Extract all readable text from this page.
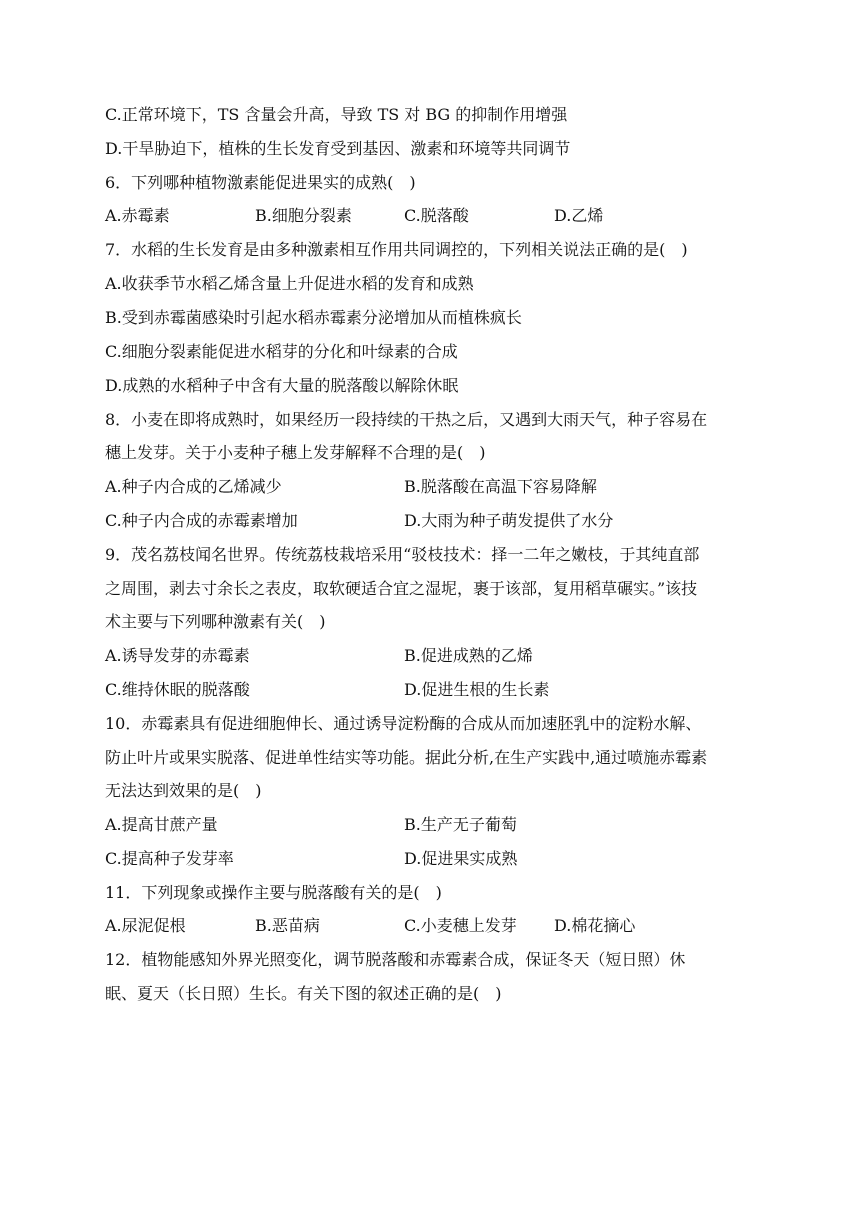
C.正常环境下，TS 含量会升高，导致 TS 对 BG 的抑制作用增强
D.干旱胁迫下，植株的生长发育受到基因、激素和环境等共同调节
6．下列哪种植物激素能促进果实的成熟(　)
A.赤霉素	B.细胞分裂素	C.脱落酸	D.乙烯
7．水稻的生长发育是由多种激素相互作用共同调控的，下列相关说法正确的是(　)
A.收获季节水稻乙烯含量上升促进水稻的发育和成熟
B.受到赤霉菌感染时引起水稻赤霉素分泌增加从而植株疯长
C.细胞分裂素能促进水稻芽的分化和叶绿素的合成
D.成熟的水稻种子中含有大量的脱落酸以解除休眠
8．小麦在即将成熟时，如果经历一段持续的干热之后，又遇到大雨天气，种子容易在
穗上发芽。关于小麦种子穗上发芽解释不合理的是(　)
A.种子内合成的乙烯减少	B.脱落酸在高温下容易降解
C.种子内合成的赤霉素增加	D.大雨为种子萌发提供了水分
9．茂名荔枝闻名世界。传统荔枝栽培采用“驳枝技术：择一二年之嫩枝，于其纯直部
之周围，剥去寸余长之表皮，取软硬适合宜之湿坭，裹于该部，复用稻草碾实。”该技
术主要与下列哪种激素有关(　)
A.诱导发芽的赤霉素	B.促进成熟的乙烯
C.维持休眠的脱落酸	D.促进生根的生长素
10．赤霉素具有促进细胞伸长、通过诱导淀粉酶的合成从而加速胚乳中的淀粉水解、
防止叶片或果实脱落、促进单性结实等功能。据此分析,在生产实践中,通过喷施赤霉素
无法达到效果的是(　)
A.提高甘蔗产量	B.生产无子葡萄
C.提高种子发芽率	D.促进果实成熟
11．下列现象或操作主要与脱落酸有关的是(　)
A.尿泥促根	B.恶苗病	C.小麦穗上发芽 D.棉花摘心
12．植物能感知外界光照变化，调节脱落酸和赤霉素合成，保证冬天（短日照）休
眠、夏天（长日照）生长。有关下图的叙述正确的是(　)
